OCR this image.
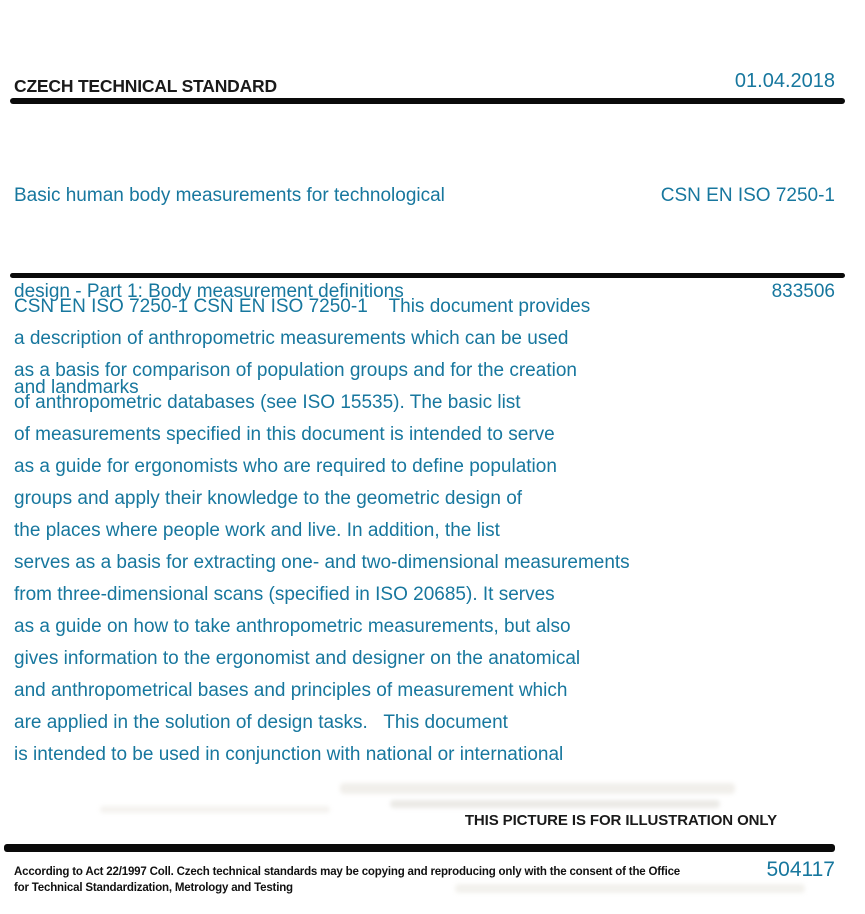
CZECH TECHNICAL STANDARD	01.04.2018

Basic human body measurements for technological

design - Part 1: Body measurement definitions

and landmarks

CSN EN ISO 7250-1

833506

CSN EN ISO 7250-1 CSN EN ISO 7250-1    This document provides
a description of anthropometric measurements which can be used
as a basis for comparison of population groups and for the creation
of anthropometric databases (see ISO 15535). The basic list
of measurements specified in this document is intended to serve
as a guide for ergonomists who are required to define population
groups and apply their knowledge to the geometric design of
the places where people work and live. In addition, the list
serves as a basis for extracting one- and two-dimensional measurements
from three-dimensional scans (specified in ISO 20685). It serves
as a guide on how to take anthropometric measurements, but also
gives information to the ergonomist and designer on the anatomical
and anthropometrical bases and principles of measurement which
are applied in the solution of design tasks.   This document
is intended to be used in conjunction with national or international
THIS PICTURE IS FOR ILLUSTRATION ONLY
According to Act 22/1997 Coll. Czech technical standards may be copying and reproducing only with the consent of the Office
for Technical Standardization, Metrology and Testing
504117
